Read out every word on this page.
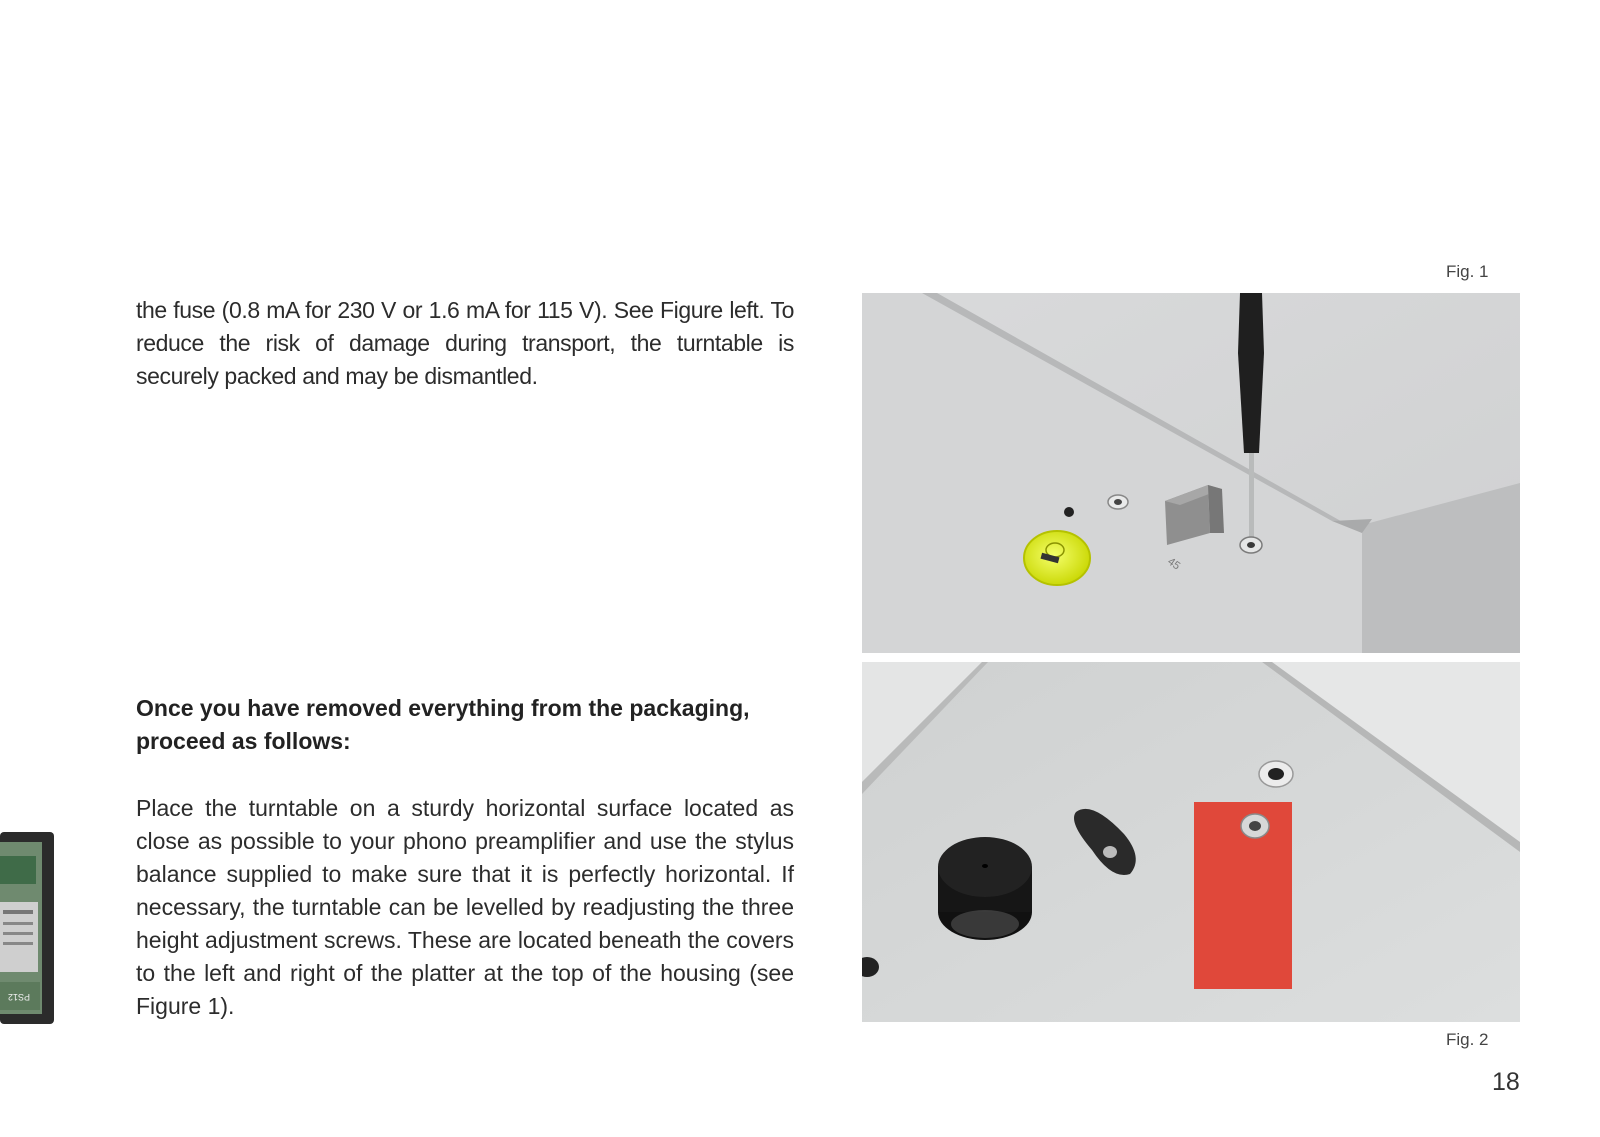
the fuse (0.8 mA for 230 V or 1.6 mA for 115 V). See Figure left. To reduce the risk of damage during transport, the turntable is securely packed and may be dismantled.

Once you have removed everything from the packaging, proceed as follows:

Place the turntable on a sturdy horizontal surface located as close as possible to your phono preamplifier and use the stylus balance supplied to make sure that it is perfectly horizontal. If necessary, the turntable can be levelled by readjusting the three height adjustment screws. These are located beneath the covers to the left and right of the platter at the top of the housing (see Figure 1).

Fig. 1
45
Fig. 2
PS12
18
